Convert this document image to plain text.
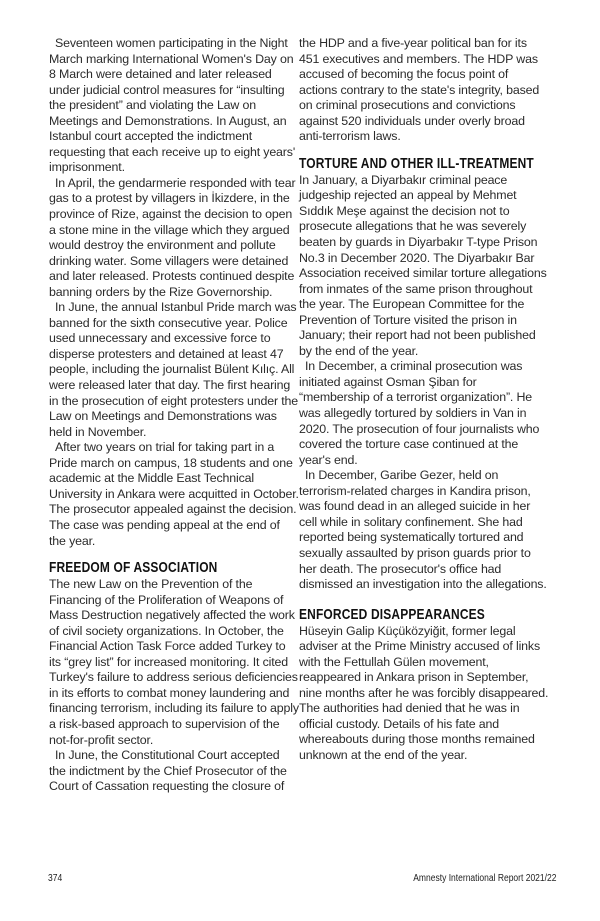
Seventeen women participating in the Night March marking International Women's Day on 8 March were detained and later released under judicial control measures for “insulting the president” and violating the Law on Meetings and Demonstrations. In August, an Istanbul court accepted the indictment requesting that each receive up to eight years' imprisonment.

In April, the gendarmerie responded with tear gas to a protest by villagers in İkizdere, in the province of Rize, against the decision to open a stone mine in the village which they argued would destroy the environment and pollute drinking water. Some villagers were detained and later released. Protests continued despite banning orders by the Rize Governorship.

In June, the annual Istanbul Pride march was banned for the sixth consecutive year. Police used unnecessary and excessive force to disperse protesters and detained at least 47 people, including the journalist Bülent Kılıç. All were released later that day. The first hearing in the prosecution of eight protesters under the Law on Meetings and Demonstrations was held in November.

After two years on trial for taking part in a Pride march on campus, 18 students and one academic at the Middle East Technical University in Ankara were acquitted in October. The prosecutor appealed against the decision. The case was pending appeal at the end of the year.

FREEDOM OF ASSOCIATION

The new Law on the Prevention of the Financing of the Proliferation of Weapons of Mass Destruction negatively affected the work of civil society organizations. In October, the Financial Action Task Force added Turkey to its “grey list” for increased monitoring. It cited Turkey's failure to address serious deficiencies in its efforts to combat money laundering and financing terrorism, including its failure to apply a risk-based approach to supervision of the not-for-profit sector.

In June, the Constitutional Court accepted the indictment by the Chief Prosecutor of the Court of Cassation requesting the closure of

the HDP and a five-year political ban for its 451 executives and members. The HDP was accused of becoming the focus point of actions contrary to the state's integrity, based on criminal prosecutions and convictions against 520 individuals under overly broad anti-terrorism laws.

TORTURE AND OTHER ILL-TREATMENT

In January, a Diyarbakır criminal peace judgeship rejected an appeal by Mehmet Sıddık Meşe against the decision not to prosecute allegations that he was severely beaten by guards in Diyarbakır T-type Prison No.3 in December 2020. The Diyarbakır Bar Association received similar torture allegations from inmates of the same prison throughout the year. The European Committee for the Prevention of Torture visited the prison in January; their report had not been published by the end of the year.

In December, a criminal prosecution was initiated against Osman Şiban for “membership of a terrorist organization”. He was allegedly tortured by soldiers in Van in 2020. The prosecution of four journalists who covered the torture case continued at the year's end.

In December, Garibe Gezer, held on terrorism-related charges in Kandira prison, was found dead in an alleged suicide in her cell while in solitary confinement. She had reported being systematically tortured and sexually assaulted by prison guards prior to her death. The prosecutor's office had dismissed an investigation into the allegations.

ENFORCED DISAPPEARANCES

Hüseyin Galip Küçüközyiğit, former legal adviser at the Prime Ministry accused of links with the Fettullah Gülen movement, reappeared in Ankara prison in September, nine months after he was forcibly disappeared. The authorities had denied that he was in official custody. Details of his fate and whereabouts during those months remained unknown at the end of the year.

374	Amnesty International Report 2021/22
